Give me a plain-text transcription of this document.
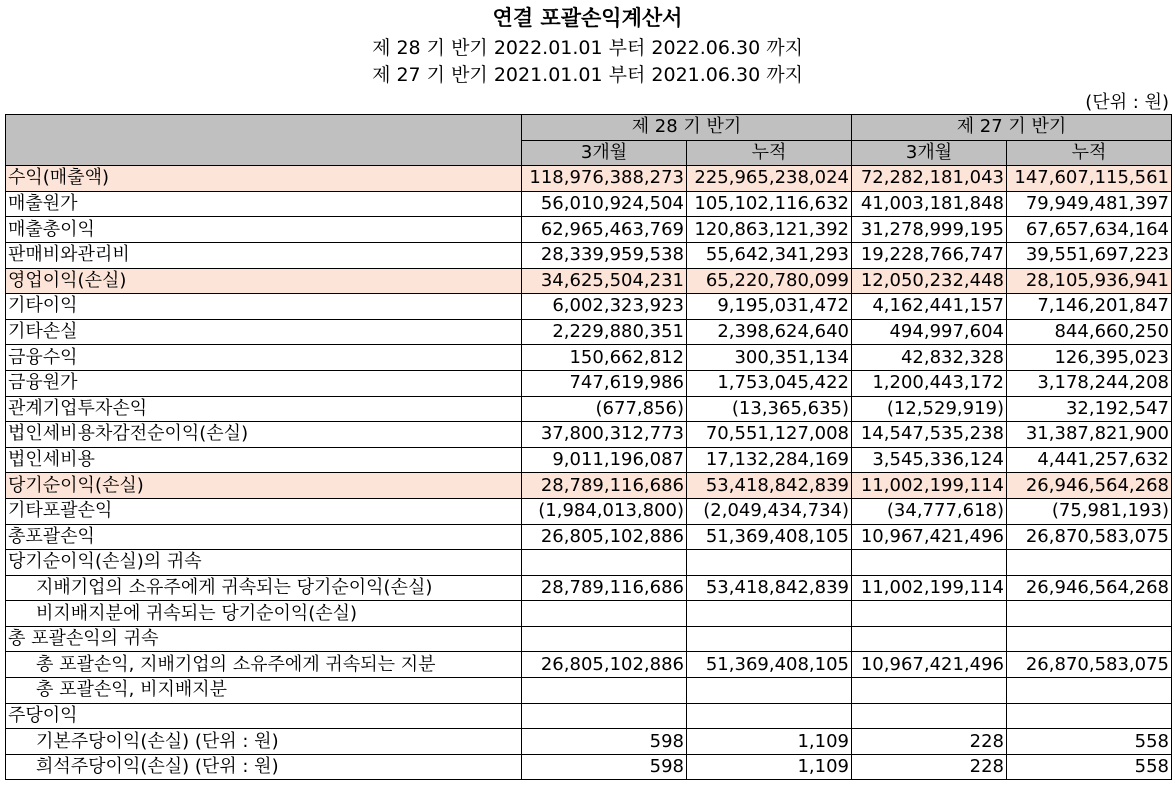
연결 포괄손익계산서
제 28 기 반기 2022.01.01 부터 2022.06.30 까지
제 27 기 반기 2021.01.01 부터 2021.06.30 까지
(단위 : 원)
	제 28 기 반기		제 27 기 반기	
	3개월	누적	3개월	누적
수익(매출액)	118,976,388,273	225,965,238,024	72,282,181,043	147,607,115,561
매출원가	56,010,924,504	105,102,116,632	41,003,181,848	79,949,481,397
매출총이익	62,965,463,769	120,863,121,392	31,278,999,195	67,657,634,164
판매비와관리비	28,339,959,538	55,642,341,293	19,228,766,747	39,551,697,223
영업이익(손실)	34,625,504,231	65,220,780,099	12,050,232,448	28,105,936,941
기타이익	6,002,323,923	9,195,031,472	4,162,441,157	7,146,201,847
기타손실	2,229,880,351	2,398,624,640	494,997,604	844,660,250
금융수익	150,662,812	300,351,134	42,832,328	126,395,023
금융원가	747,619,986	1,753,045,422	1,200,443,172	3,178,244,208
관계기업투자손익	(677,856)	(13,365,635)	(12,529,919)	32,192,547
법인세비용차감전순이익(손실)	37,800,312,773	70,551,127,008	14,547,535,238	31,387,821,900
법인세비용	9,011,196,087	17,132,284,169	3,545,336,124	4,441,257,632
당기순이익(손실)	28,789,116,686	53,418,842,839	11,002,199,114	26,946,564,268
기타포괄손익	(1,984,013,800)	(2,049,434,734)	(34,777,618)	(75,981,193)
총포괄손익	26,805,102,886	51,369,408,105	10,967,421,496	26,870,583,075
당기순이익(손실)의 귀속				
지배기업의 소유주에게 귀속되는 당기순이익(손실)	28,789,116,686	53,418,842,839	11,002,199,114	26,946,564,268
비지배지분에 귀속되는 당기순이익(손실)				
총 포괄손익의 귀속				
총 포괄손익, 지배기업의 소유주에게 귀속되는 지분	26,805,102,886	51,369,408,105	10,967,421,496	26,870,583,075
총 포괄손익, 비지배지분				
주당이익				
기본주당이익(손실) (단위 : 원)	598	1,109	228	558
희석주당이익(손실) (단위 : 원)	598	1,109	228	558
